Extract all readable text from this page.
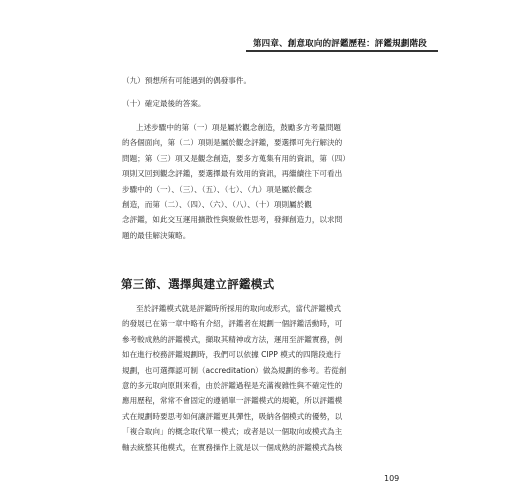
第四章、創意取向的評鑑歷程：評鑑規劃階段

（九）預想所有可能遇到的偶發事件。

（十）確定最後的答案。

上述步驟中的第（一）項是屬於觀念創造，鼓勵多方考量問題
的各個面向，第（二）項則是屬於觀念評鑑，要選擇可先行解決的
問題；第（三）項又是觀念創造，要多方蒐集有用的資訊，第（四）
項則又回到觀念評鑑，要選擇最有效用的資訊，再繼續往下可看出
步驟中的（一）、（三）、（五）、（七）、（九）項是屬於觀念
創造，而第（二）、（四）、（六）、（八）、（十）項則屬於觀
念評鑑，如此交互運用擴散性與聚斂性思考，發揮創造力，以求問
題的最佳解決策略。
第三節、選擇與建立評鑑模式
至於評鑑模式就是評鑑時所採用的取向或形式，當代評鑑模式
的發展已在第一章中略有介紹，評鑑者在規劃一個評鑑活動時，可
參考較成熟的評鑑模式，擷取其精神或方法，運用至評鑑實務，例
如在進行校務評鑑規劃時，我們可以依據 CIPP 模式的四階段進行
規劃，也可選擇認可制（accreditation）做為規劃的參考。若從創
意的多元取向原則來看，由於評鑑過程是充滿複雜性與不確定性的
應用歷程，常常不會固定的遵循單一評鑑模式的規範，所以評鑑模
式在規劃時要思考如何讓評鑑更具彈性，吸納各個模式的優勢，以
「複合取向」的概念取代單一模式；或者是以一個取向或模式為主
軸去統整其他模式，在實務操作上就是以一個成熟的評鑑模式為核
109
